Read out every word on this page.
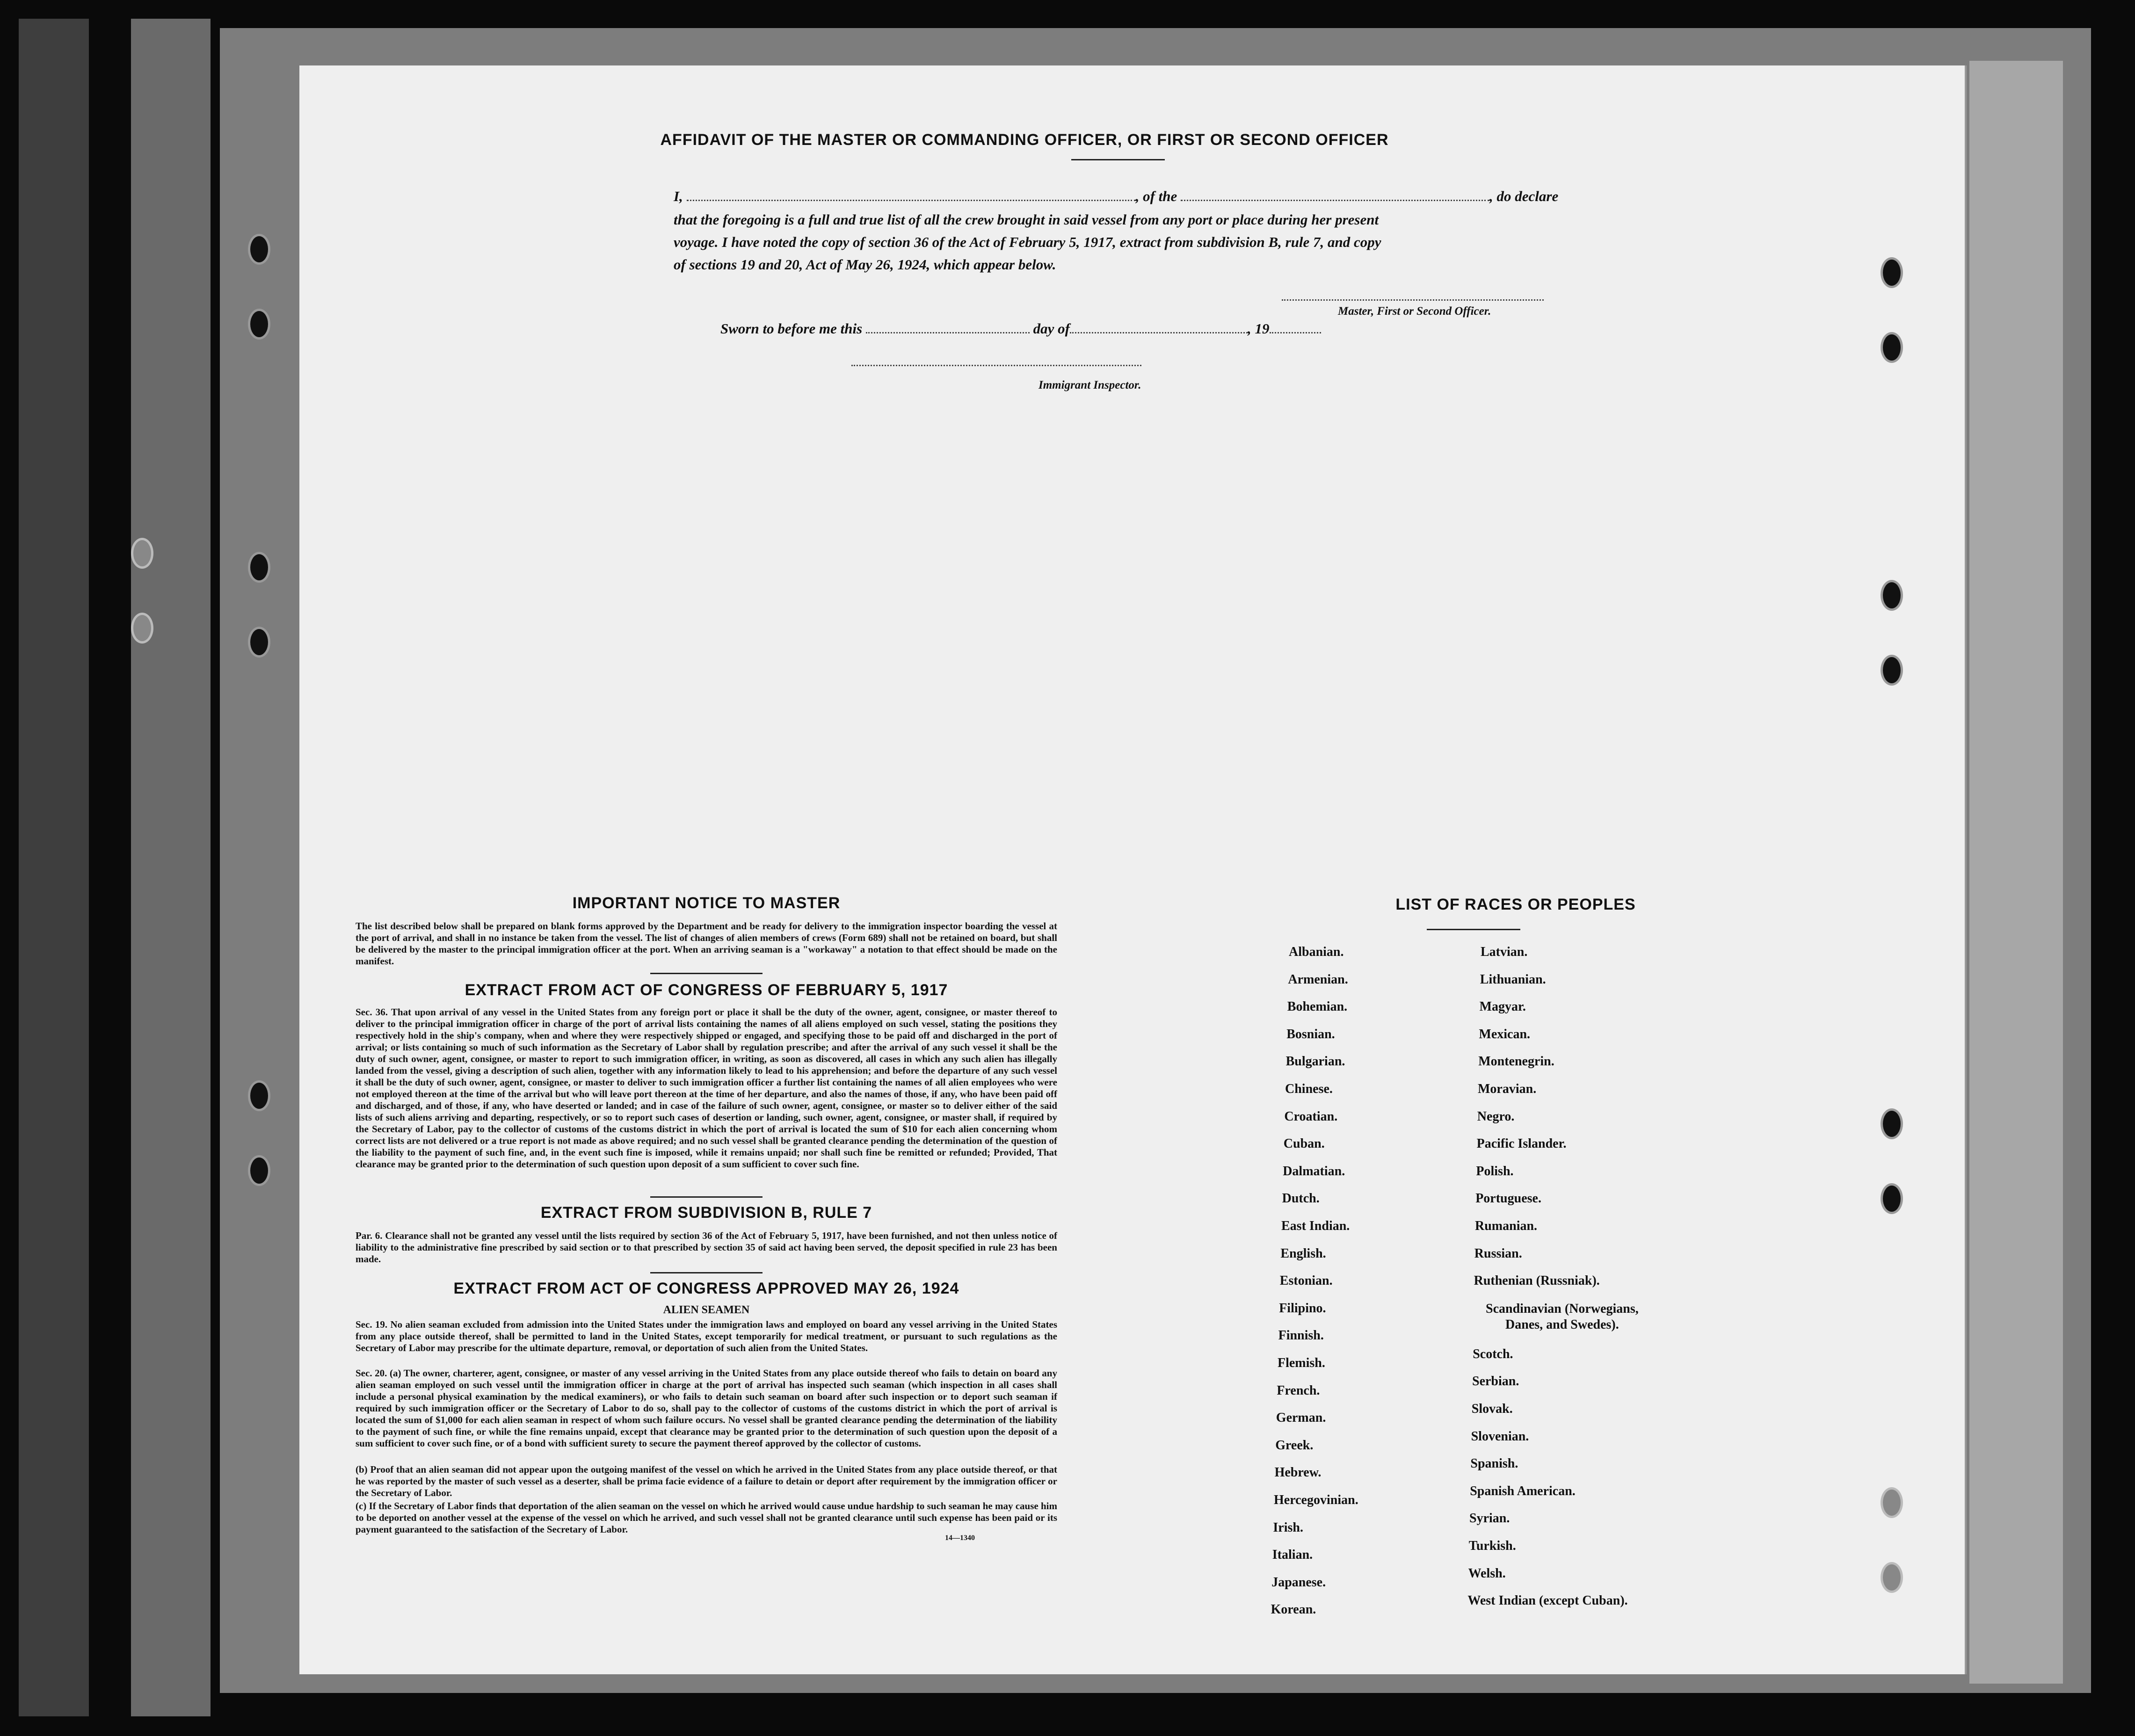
AFFIDAVIT OF THE MASTER OR COMMANDING OFFICER, OR FIRST OR SECOND OFFICER
I,	, of the	, do declare
that the foregoing is a full and true list of all the crew brought in said vessel from any port or place during her present
voyage. I have noted the copy of section 36 of the Act of February 5, 1917, extract from subdivision B, rule 7, and copy
of sections 19 and 20, Act of May 26, 1924, which appear below.
Master, First or Second Officer.
Sworn to before me this	day of	, 19
Immigrant Inspector.
IMPORTANT NOTICE TO MASTER
The list described below shall be prepared on blank forms approved by the Department and be ready for delivery to the immigration inspector boarding the vessel at the port of arrival, and shall in no instance be taken from the vessel. The list of changes of alien members of crews (Form 689) shall not be retained on board, but shall be delivered by the master to the principal immigration officer at the port. When an arriving seaman is a "workaway" a notation to that effect should be made on the manifest.
EXTRACT FROM ACT OF CONGRESS OF FEBRUARY 5, 1917
Sec. 36. That upon arrival of any vessel in the United States from any foreign port or place it shall be the duty of the owner, agent, consignee, or master thereof to deliver to the principal immigration officer in charge of the port of arrival lists containing the names of all aliens employed on such vessel, stating the positions they respectively hold in the ship's company, when and where they were respectively shipped or engaged, and specifying those to be paid off and discharged in the port of arrival; or lists containing so much of such information as the Secretary of Labor shall by regulation prescribe; and after the arrival of any such vessel it shall be the duty of such owner, agent, consignee, or master to report to such immigration officer, in writing, as soon as discovered, all cases in which any such alien has illegally landed from the vessel, giving a description of such alien, together with any information likely to lead to his apprehension; and before the departure of any such vessel it shall be the duty of such owner, agent, consignee, or master to deliver to such immigration officer a further list containing the names of all alien employees who were not employed thereon at the time of the arrival but who will leave port thereon at the time of her departure, and also the names of those, if any, who have been paid off and discharged, and of those, if any, who have deserted or landed; and in case of the failure of such owner, agent, consignee, or master so to deliver either of the said lists of such aliens arriving and departing, respectively, or so to report such cases of desertion or landing, such owner, agent, consignee, or master shall, if required by the Secretary of Labor, pay to the collector of customs of the customs district in which the port of arrival is located the sum of $10 for each alien concerning whom correct lists are not delivered or a true report is not made as above required; and no such vessel shall be granted clearance pending the determination of the question of the liability to the payment of such fine, and, in the event such fine is imposed, while it remains unpaid; nor shall such fine be remitted or refunded; Provided, That clearance may be granted prior to the determination of such question upon deposit of a sum sufficient to cover such fine.
EXTRACT FROM SUBDIVISION B, RULE 7
Par. 6. Clearance shall not be granted any vessel until the lists required by section 36 of the Act of February 5, 1917, have been furnished, and not then unless notice of liability to the administrative fine prescribed by said section or to that prescribed by section 35 of said act having been served, the deposit specified in rule 23 has been made.
EXTRACT FROM ACT OF CONGRESS APPROVED MAY 26, 1924
ALIEN SEAMEN
Sec. 19. No alien seaman excluded from admission into the United States under the immigration laws and employed on board any vessel arriving in the United States from any place outside thereof, shall be permitted to land in the United States, except temporarily for medical treatment, or pursuant to such regulations as the Secretary of Labor may prescribe for the ultimate departure, removal, or deportation of such alien from the United States.
Sec. 20. (a) The owner, charterer, agent, consignee, or master of any vessel arriving in the United States from any place outside thereof who fails to detain on board any alien seaman employed on such vessel until the immigration officer in charge at the port of arrival has inspected such seaman (which inspection in all cases shall include a personal physical examination by the medical examiners), or who fails to detain such seaman on board after such inspection or to deport such seaman if required by such immigration officer or the Secretary of Labor to do so, shall pay to the collector of customs of the customs district in which the port of arrival is located the sum of $1,000 for each alien seaman in respect of whom such failure occurs. No vessel shall be granted clearance pending the determination of the liability to the payment of such fine, or while the fine remains unpaid, except that clearance may be granted prior to the determination of such question upon the deposit of a sum sufficient to cover such fine, or of a bond with sufficient surety to secure the payment thereof approved by the collector of customs.
(b) Proof that an alien seaman did not appear upon the outgoing manifest of the vessel on which he arrived in the United States from any place outside thereof, or that he was reported by the master of such vessel as a deserter, shall be prima facie evidence of a failure to detain or deport after requirement by the immigration officer or the Secretary of Labor.
(c) If the Secretary of Labor finds that deportation of the alien seaman on the vessel on which he arrived would cause undue hardship to such seaman he may cause him to be deported on another vessel at the expense of the vessel on which he arrived, and such vessel shall not be granted clearance until such expense has been paid or its payment guaranteed to the satisfaction of the Secretary of Labor.
14—1340
LIST OF RACES OR PEOPLES
Albanian.
Armenian.
Bohemian.
Bosnian.
Bulgarian.
Chinese.
Croatian.
Cuban.
Dalmatian.
Dutch.
East Indian.
English.
Estonian.
Filipino.
Finnish.
Flemish.
French.
German.
Greek.
Hebrew.
Hercegovinian.
Irish.
Italian.
Japanese.
Korean.
Latvian.
Lithuanian.
Magyar.
Mexican.
Montenegrin.
Moravian.
Negro.
Pacific Islander.
Polish.
Portuguese.
Rumanian.
Russian.
Ruthenian (Russniak).
Scandinavian (Norwegians, Danes, and Swedes).
Scotch.
Serbian.
Slovak.
Slovenian.
Spanish.
Spanish American.
Syrian.
Turkish.
Welsh.
West Indian (except Cuban).
